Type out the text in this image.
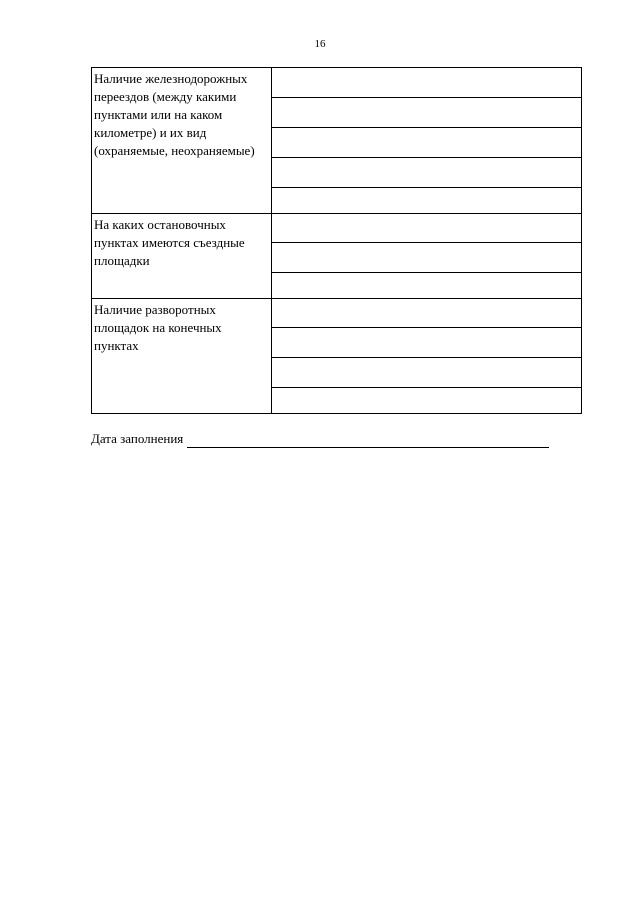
16
Наличие железнодорожных переездов (между какими пунктами или на каком километре) и их вид (охраняемые, неохраняемые)	

На каких остановочных пунктах имеются съездные площадки	

Наличие разворотных площадок на конечных пунктах	

Дата заполнения
